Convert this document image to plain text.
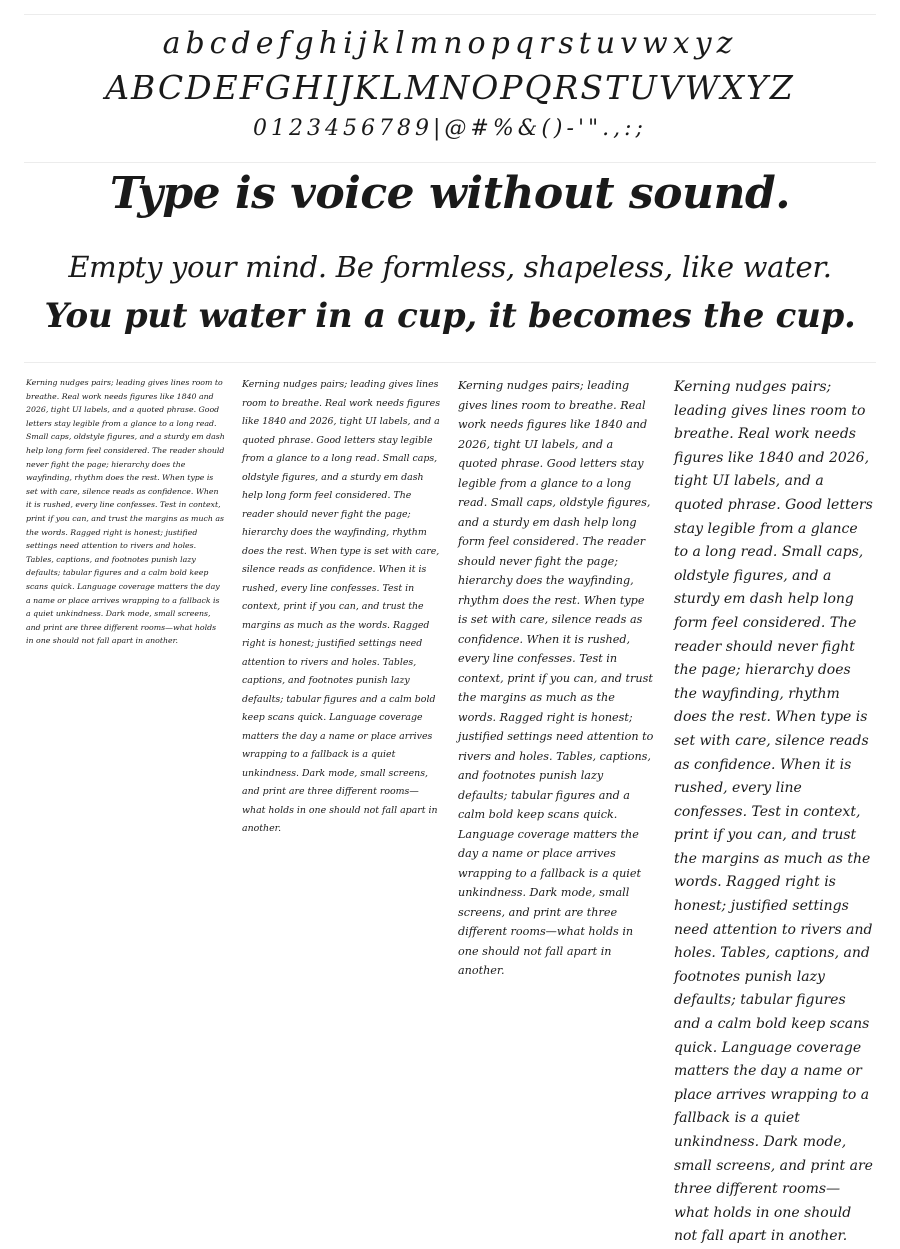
abcdefghijklmnopqrstuvwxyz
ABCDEFGHIJKLMNOPQRSTUVWXYZ
0123456789|@#%&()-'".,:;
Type is voice without sound.
Empty your mind. Be formless, shapeless, like water.
You put water in a cup, it becomes the cup.
Kerning nudges pairs; leading gives lines room to breathe. Real work needs figures like 1840 and 2026, tight UI labels, and a quoted phrase. Good letters stay legible from a glance to a long read. Small caps, oldstyle figures, and a sturdy em dash help long form feel considered. The reader should never fight the page; hierarchy does the wayfinding, rhythm does the rest. When type is set with care, silence reads as confidence. When it is rushed, every line confesses. Test in context, print if you can, and trust the margins as much as the words. Ragged right is honest; justified settings need attention to rivers and holes. Tables, captions, and footnotes punish lazy defaults; tabular figures and a calm bold keep scans quick. Language coverage matters the day a name or place arrives wrapping to a fallback is a quiet unkindness. Dark mode, small screens, and print are three different rooms—what holds in one should not fall apart in another.
Kerning nudges pairs; leading gives lines room to breathe. Real work needs figures like 1840 and 2026, tight UI labels, and a quoted phrase. Good letters stay legible from a glance to a long read. Small caps, oldstyle figures, and a sturdy em dash help long form feel considered. The reader should never fight the page; hierarchy does the wayfinding, rhythm does the rest. When type is set with care, silence reads as confidence. When it is rushed, every line confesses. Test in context, print if you can, and trust the margins as much as the words. Ragged right is honest; justified settings need attention to rivers and holes. Tables, captions, and footnotes punish lazy defaults; tabular figures and a calm bold keep scans quick. Language coverage matters the day a name or place arrives wrapping to a fallback is a quiet unkindness. Dark mode, small screens, and print are three different rooms—what holds in one should not fall apart in another.
Kerning nudges pairs; leading gives lines room to breathe. Real work needs figures like 1840 and 2026, tight UI labels, and a quoted phrase. Good letters stay legible from a glance to a long read. Small caps, oldstyle figures, and a sturdy em dash help long form feel considered. The reader should never fight the page; hierarchy does the wayfinding, rhythm does the rest. When type is set with care, silence reads as confidence. When it is rushed, every line confesses. Test in context, print if you can, and trust the margins as much as the words. Ragged right is honest; justified settings need attention to rivers and holes. Tables, captions, and footnotes punish lazy defaults; tabular figures and a calm bold keep scans quick. Language coverage matters the day a name or place arrives wrapping to a fallback is a quiet unkindness. Dark mode, small screens, and print are three different rooms—what holds in one should not fall apart in another.
Kerning nudges pairs; leading gives lines room to breathe. Real work needs figures like 1840 and 2026, tight UI labels, and a quoted phrase. Good letters stay legible from a glance to a long read. Small caps, oldstyle figures, and a sturdy em dash help long form feel considered. The reader should never fight the page; hierarchy does the wayfinding, rhythm does the rest. When type is set with care, silence reads as confidence. When it is rushed, every line confesses. Test in context, print if you can, and trust the margins as much as the words. Ragged right is honest; justified settings need attention to rivers and holes. Tables, captions, and footnotes punish lazy defaults; tabular figures and a calm bold keep scans quick. Language coverage matters the day a name or place arrives wrapping to a fallback is a quiet unkindness. Dark mode, small screens, and print are three different rooms—what holds in one should not fall apart in another.
